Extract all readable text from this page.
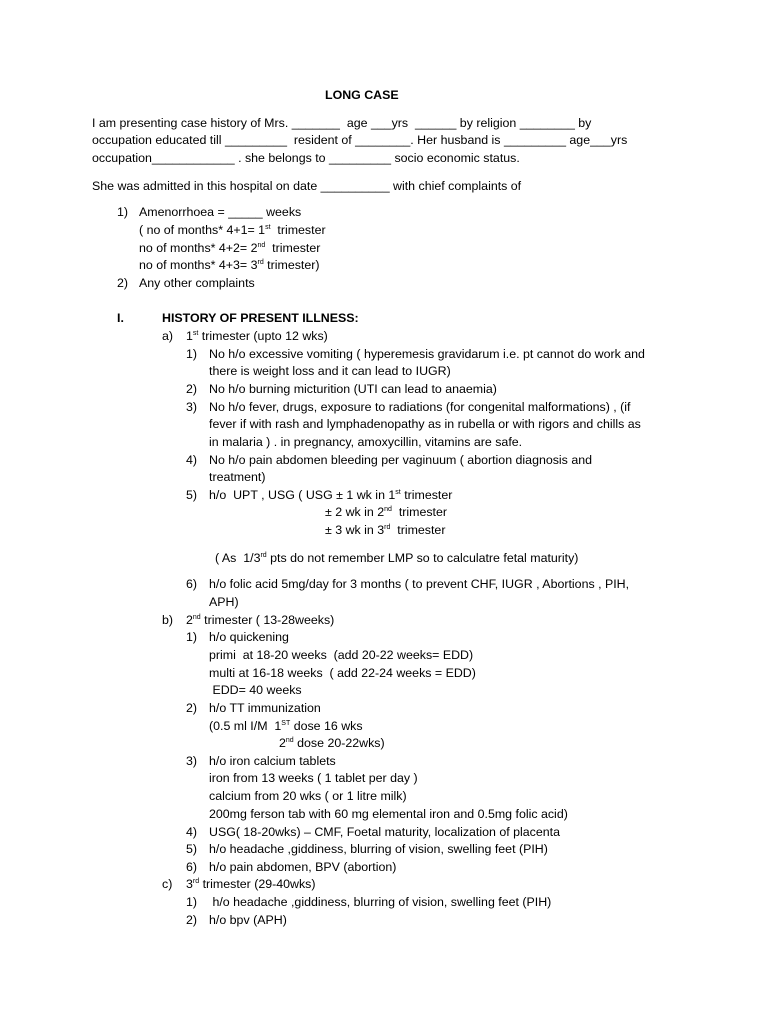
LONG CASE
I am presenting case history of Mrs. _______  age ___yrs  ______ by religion ________ by
occupation educated till _________  resident of ________. Her husband is _________ age___yrs
occupation____________ . she belongs to _________ socio economic status.
She was admitted in this hospital on date __________ with chief complaints of
1) Amenorrhoea = _____ weeks
( no of months* 4+1= 1st  trimester
no of months* 4+2= 2nd  trimester
no of months* 4+3= 3rd trimester)
2) Any other complaints
I.	HISTORY OF PRESENT ILLNESS:
a) 1st trimester (upto 12 wks)
1) No h/o excessive vomiting ( hyperemesis gravidarum i.e. pt cannot do work and
there is weight loss and it can lead to IUGR)
2) No h/o burning micturition (UTI can lead to anaemia)
3) No h/o fever, drugs, exposure to radiations (for congenital malformations) , (if
fever if with rash and lymphadenopathy as in rubella or with rigors and chills as
in malaria ) . in pregnancy, amoxycillin, vitamins are safe.
4) No h/o pain abdomen bleeding per vaginuum ( abortion diagnosis and
treatment)
5) h/o  UPT , USG ( USG ± 1 wk in 1st trimester
± 2 wk in 2nd  trimester
± 3 wk in 3rd  trimester
( As  1/3rd pts do not remember LMP so to calculatre fetal maturity)
6) h/o folic acid 5mg/day for 3 months ( to prevent CHF, IUGR , Abortions , PIH,
APH)
b) 2nd trimester ( 13-28weeks)
1) h/o quickening
primi  at 18-20 weeks  (add 20-22 weeks= EDD)
multi at 16-18 weeks  ( add 22-24 weeks = EDD)
EDD= 40 weeks
2) h/o TT immunization
(0.5 ml I/M  1ST dose 16 wks
2nd dose 20-22wks)
3) h/o iron calcium tablets
iron from 13 weeks ( 1 tablet per day )
calcium from 20 wks ( or 1 litre milk)
200mg ferson tab with 60 mg elemental iron and 0.5mg folic acid)
4) USG( 18-20wks) – CMF, Foetal maturity, localization of placenta
5) h/o headache ,giddiness, blurring of vision, swelling feet (PIH)
6) h/o pain abdomen, BPV (abortion)
c) 3rd trimester (29-40wks)
1) h/o headache ,giddiness, blurring of vision, swelling feet (PIH)
2) h/o bpv (APH)
